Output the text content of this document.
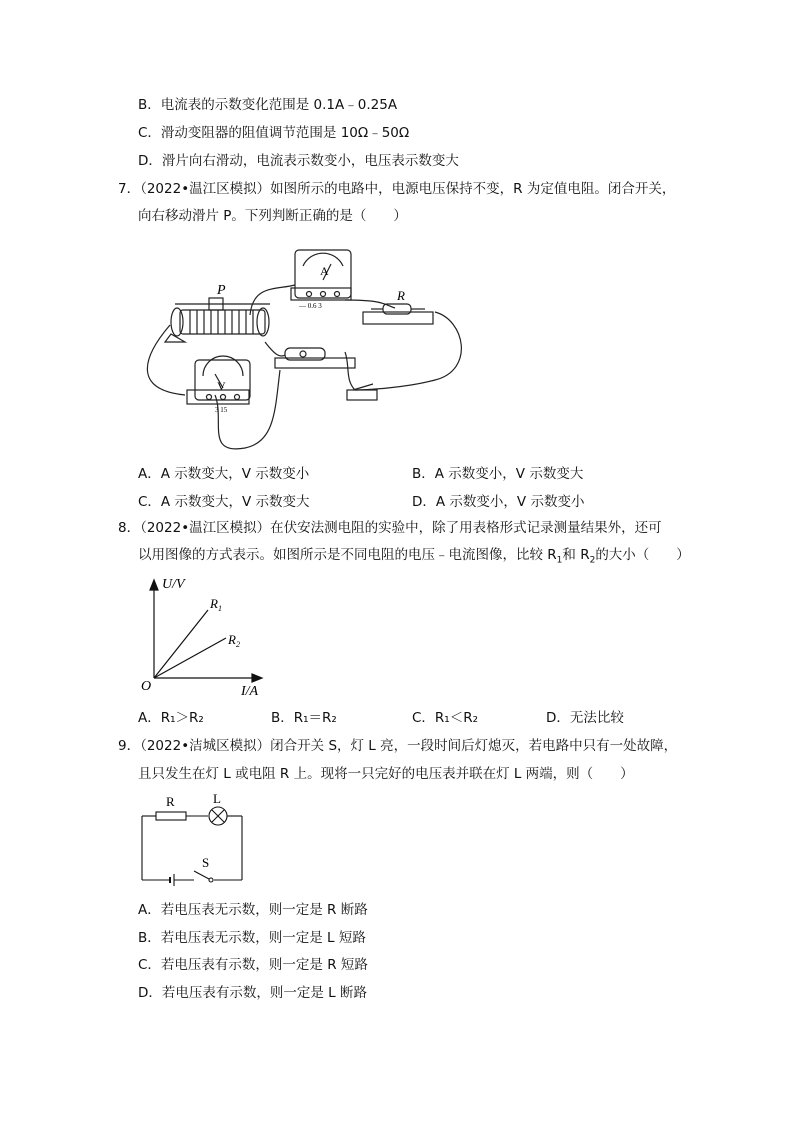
B．电流表的示数变化范围是 0.1A﹣0.25A
C．滑动变阻器的阻值调节范围是 10Ω﹣50Ω
D．滑片向右滑动，电流表示数变小，电压表示数变大
7．（2022•温江区模拟）如图所示的电路中，电源电压保持不变，R 为定值电阻。闭合开关，
向右移动滑片 P。下列判断正确的是（　　）
P
A
— 0.6 3
R
V
3 15
A．A 示数变大，V 示数变小	B．A 示数变小，V 示数变大
C．A 示数变大，V 示数变大	D．A 示数变小，V 示数变小
8．（2022•温江区模拟）在伏安法测电阻的实验中，除了用表格形式记录测量结果外，还可
以用图像的方式表示。如图所示是不同电阻的电压﹣电流图像，比较 $R_1$和 $R_2$的大小（　　）
U/V
I/A
O
$R_1$
$R_2$
A．R₁＞R₂	B．R₁＝R₂	C．R₁＜R₂	D．无法比较
9．（2022•洁城区模拟）闭合开关 S，灯 L 亮，一段时间后灯熄灭，若电路中只有一处故障，
且只发生在灯 L 或电阻 R 上。现将一只完好的电压表并联在灯 L 两端，则（　　）
R	L
S
A．若电压表无示数，则一定是 R 断路
B．若电压表无示数，则一定是 L 短路
C．若电压表有示数，则一定是 R 短路
D．若电压表有示数，则一定是 L 断路
